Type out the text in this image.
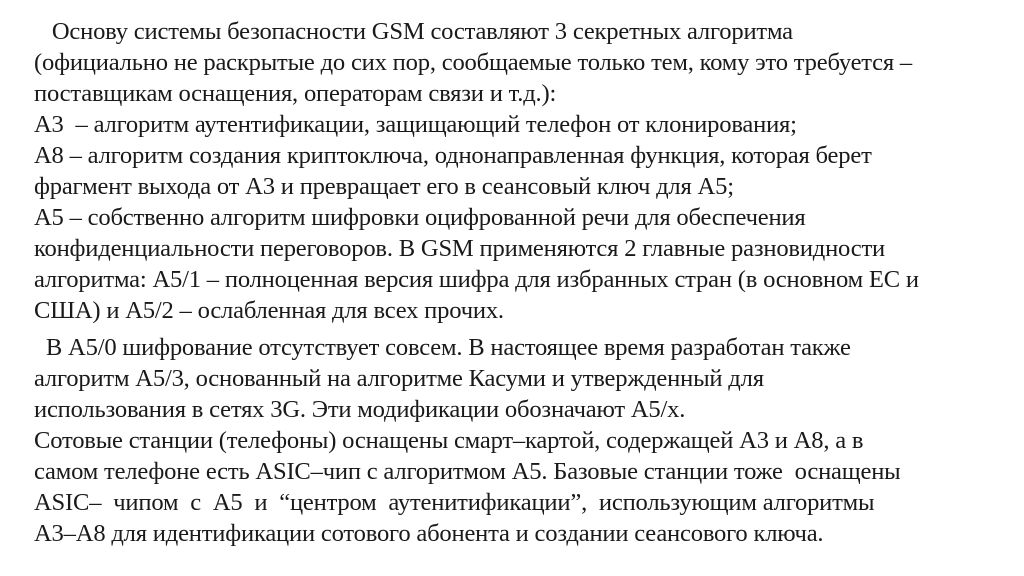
Основу системы безопасности GSM составляют 3 секретных алгоритма
(официально не раскрытые до сих пор, сообщаемые только тем, кому это требуется –
поставщикам оснащения, операторам связи и т.д.):
А3  – алгоритм аутентификации, защищающий телефон от клонирования;
А8 – алгоритм создания криптоключа, однонаправленная функция, которая берет
фрагмент выхода от А3 и превращает его в сеансовый ключ для А5;
А5 – собственно алгоритм шифровки оцифрованной речи для обеспечения
конфиденциальности переговоров. В GSM применяются 2 главные разновидности
алгоритма: А5/1 – полноценная версия шифра для избранных стран (в основном ЕС и
США) и А5/2 – ослабленная для всех прочих.
В А5/0 шифрование отсутствует совсем. В настоящее время разработан также
алгоритм А5/3, основанный на алгоритме Касуми и утвержденный для
использования в сетях 3G. Эти модификации обозначают А5/х.
Сотовые станции (телефоны) оснащены смарт–картой, содержащей А3 и А8, а в
самом телефоне есть ASIC–чип с алгоритмом А5. Базовые станции тоже  оснащены
ASIC–  чипом  с  А5  и  “центром  аутенитификации”,  использующим алгоритмы
А3–А8 для идентификации сотового абонента и создании сеансового ключа.
